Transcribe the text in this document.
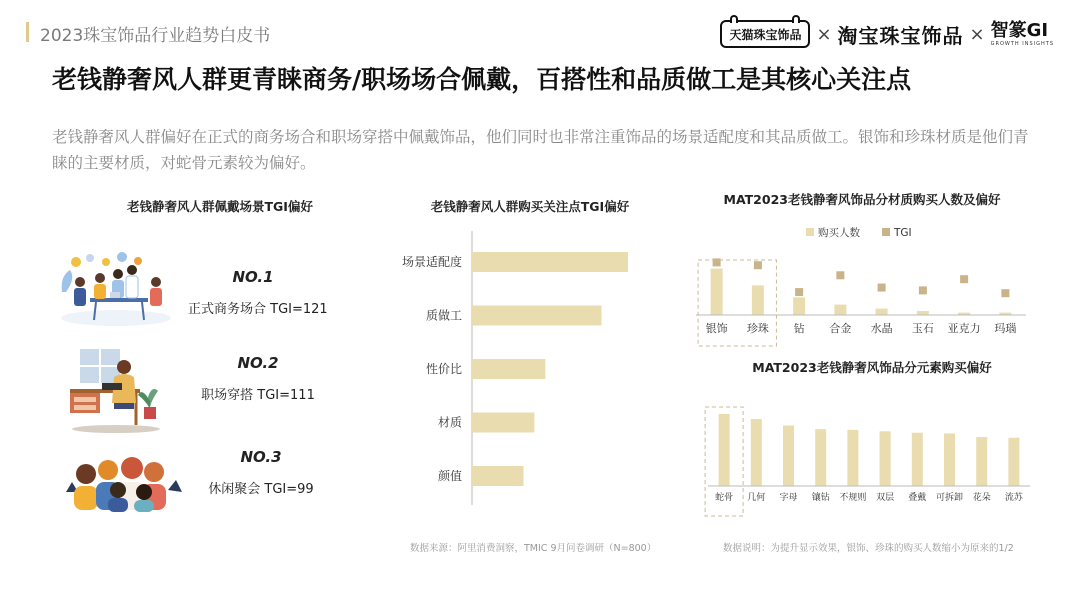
2023珠宝饰品行业趋势白皮书	天猫珠宝饰品 × 淘宝珠宝饰品 × 智篆GI
GROWTH INSIGHTS
老钱静奢风人群更青睐商务/职场场合佩戴，百搭性和品质做工是其核心关注点
老钱静奢风人群偏好在正式的商务场合和职场穿搭中佩戴饰品，他们同时也非常注重饰品的场景适配度和其品质做工。银饰和珍珠材质是他们青睐的主要材质，对蛇骨元素较为偏好。
老钱静奢风人群佩戴场景TGI偏好
NO.1
正式商务场合 TGI=121
NO.2
职场穿搭 TGI=111
NO.3
休闲聚会 TGI=99
老钱静奢风人群购买关注点TGI偏好
场景适配度
质做工
性价比
材质
颜值
数据来源：阿里消费洞察，TMIC 9月问卷调研（N=800）
MAT2023老钱静奢风饰品分材质购买人数及偏好
购买人数	TGI
银饰 珍珠 钻 合金 水晶 玉石 亚克力 玛瑙
MAT2023老钱静奢风饰品分元素购买偏好
蛇骨 几何 字母 镶钻 不规则 双层 叠戴 可拆卸 花朵 流苏
数据说明：为提升显示效果，银饰、珍珠的购买人数缩小为原来的1/2
